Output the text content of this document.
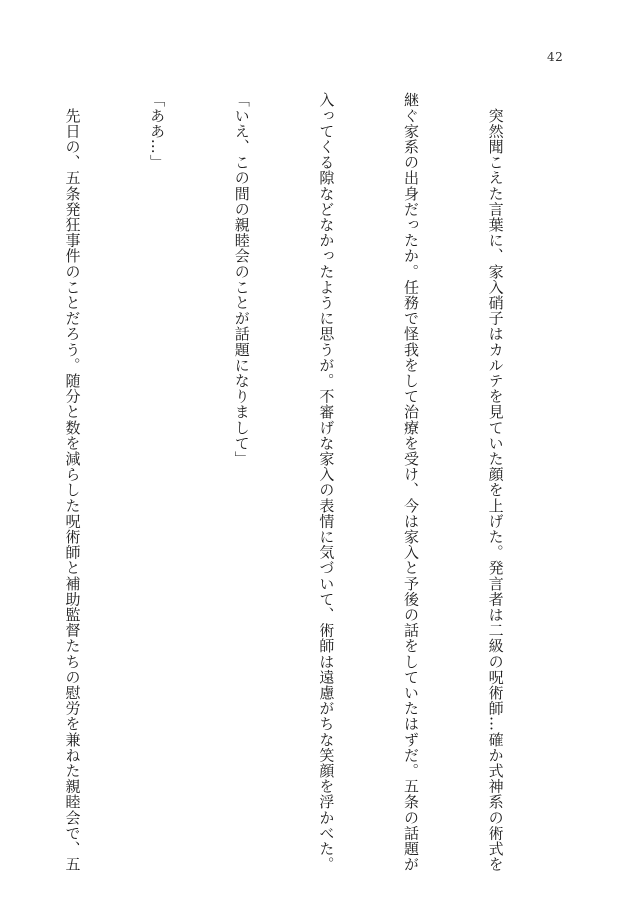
42

　突然聞こえた言葉に、家入硝子はカルテを見ていた顔を上げた。発言者は二級の呪術師…確か式神系の術式を

継ぐ家系の出身だったか。任務で怪我をして治療を受け、今は家入と予後の話をしていたはずだ。五条の話題が

入ってくる隙などなかったように思うが。不審げな家入の表情に気づいて、術師は遠慮がちな笑顔を浮かべた。

「いえ、この間の親睦会のことが話題になりまして」

「ああ…」

　先日の、五条発狂事件のことだろう。随分と数を減らした呪術師と補助監督たちの慰労を兼ねた親睦会で、五
